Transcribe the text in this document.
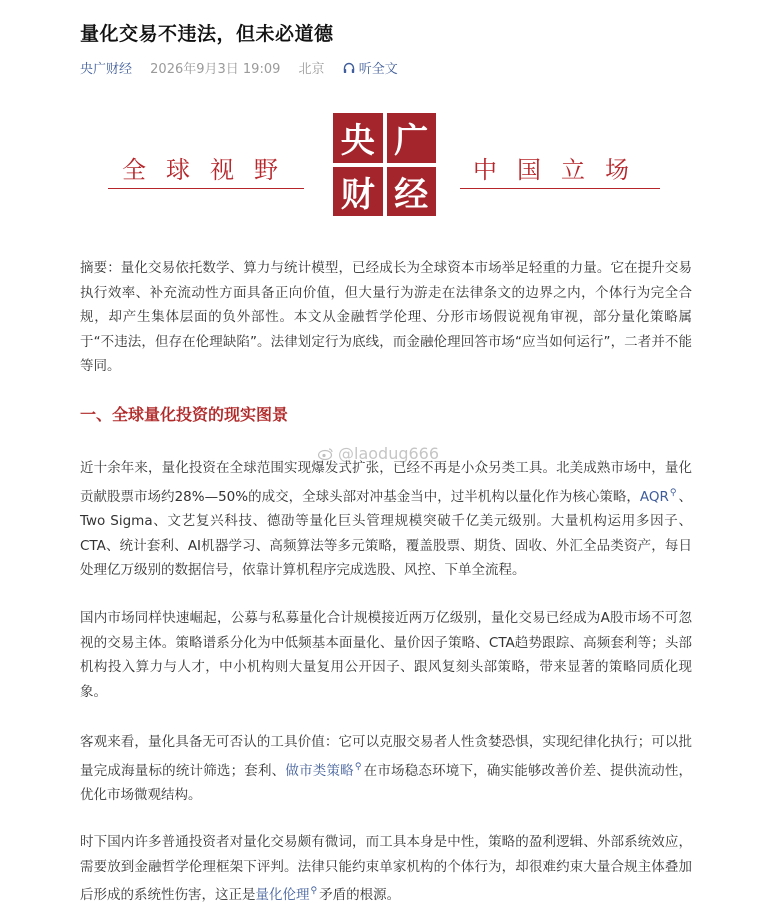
量化交易不违法，但未必道德
央广财经 2026年9月3日 19:09 北京	听全文
全球视野
央 广
财 经
中国立场
摘要：量化交易依托数学、算力与统计模型，已经成长为全球资本市场举足轻重的力量。它在提升交易执行效率、补充流动性方面具备正向价值，但大量行为游走在法律条文的边界之内，个体行为完全合规，却产生集体层面的负外部性。本文从金融哲学伦理、分形市场假说视角审视，部分量化策略属于“不违法，但存在伦理缺陷”。法律划定行为底线，而金融伦理回答市场“应当如何运行”，二者并不能等同。
一、全球量化投资的现实图景
近十余年来，量化投资在全球范围实现爆发式扩张，已经不再是小众另类工具。北美成熟市场中，量化贡献股票市场约28%—50%的成交，全球头部对冲基金当中，过半机构以量化作为核心策略，AQR⚲ 、Two Sigma、文艺复兴科技、德劭等量化巨头管理规模突破千亿美元级别。大量机构运用多因子、CTA、统计套利、AI机器学习、高频算法等多元策略，覆盖股票、期货、固收、外汇全品类资产，每日处理亿万级别的数据信号，依靠计算机程序完成选股、风控、下单全流程。
国内市场同样快速崛起，公募与私募量化合计规模接近两万亿级别，量化交易已经成为A股市场不可忽视的交易主体。策略谱系分化为中低频基本面量化、量价因子策略、CTA趋势跟踪、高频套利等；头部机构投入算力与人才，中小机构则大量复用公开因子、跟风复刻头部策略，带来显著的策略同质化现象。
客观来看，量化具备无可否认的工具价值：它可以克服交易者人性贪婪恐惧，实现纪律化执行；可以批量完成海量标的统计筛选；套利、做市类策略⚲ 在市场稳态环境下，确实能够改善价差、提供流动性，优化市场微观结构。
时下国内许多普通投资者对量化交易颇有微词，而工具本身是中性，策略的盈利逻辑、外部系统效应，需要放到金融哲学伦理框架下评判。法律只能约束单家机构的个体行为，却很难约束大量合规主体叠加后形成的系统性伤害，这正是量化伦理⚲ 矛盾的根源。
@laodug666
